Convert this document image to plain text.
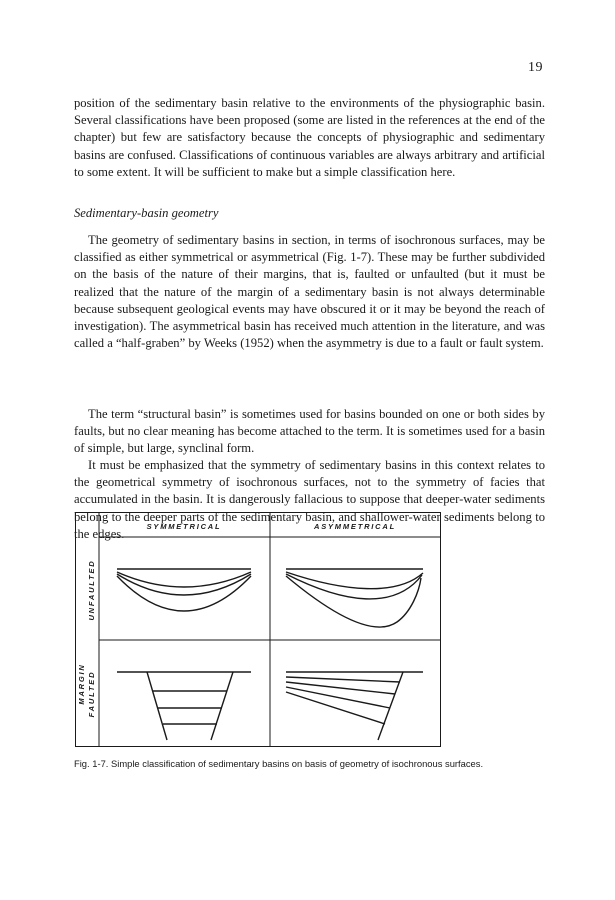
19

position of the sedimentary basin relative to the environments of the physiographic basin. Several classifications have been proposed (some are listed in the references at the end of the chapter) but few are satisfactory because the concepts of physiographic and sedimentary basins are confused. Classifications of continuous variables are always arbitrary and artificial to some extent. It will be sufficient to make but a simple classification here.

Sedimentary-basin geometry

The geometry of sedimentary basins in section, in terms of isochronous surfaces, may be classified as either symmetrical or asymmetrical (Fig. 1-7). These may be further subdivided on the basis of the nature of their margins, that is, faulted or unfaulted (but it must be realized that the nature of the margin of a sedimentary basin is not always determinable because subsequent geological events may have obscured it or it may be beyond the reach of investigation). The asymmetrical basin has received much attention in the literature, and was called a “half-graben” by Weeks (1952) when the asymmetry is due to a fault or fault system.

The term “structural basin” is sometimes used for basins bounded on one or both sides by faults, but no clear meaning has become attached to the term. It is sometimes used for a basin of simple, but large, synclinal form.

It must be emphasized that the symmetry of sedimentary basins in this context relates to the geometrical symmetry of isochronous surfaces, not to the symmetry of facies that accumulated in the basin. It is dangerously fallacious to suppose that deeper-water sediments belong to the deeper parts of the sedimentary basin, and shallower-water sediments belong to the edges.

SYMMETRICAL	ASYMMETRICAL
MARGIN
UNFAULTED
FAULTED
Fig. 1-7. Simple classification of sedimentary basins on basis of geometry of isochronous surfaces.
